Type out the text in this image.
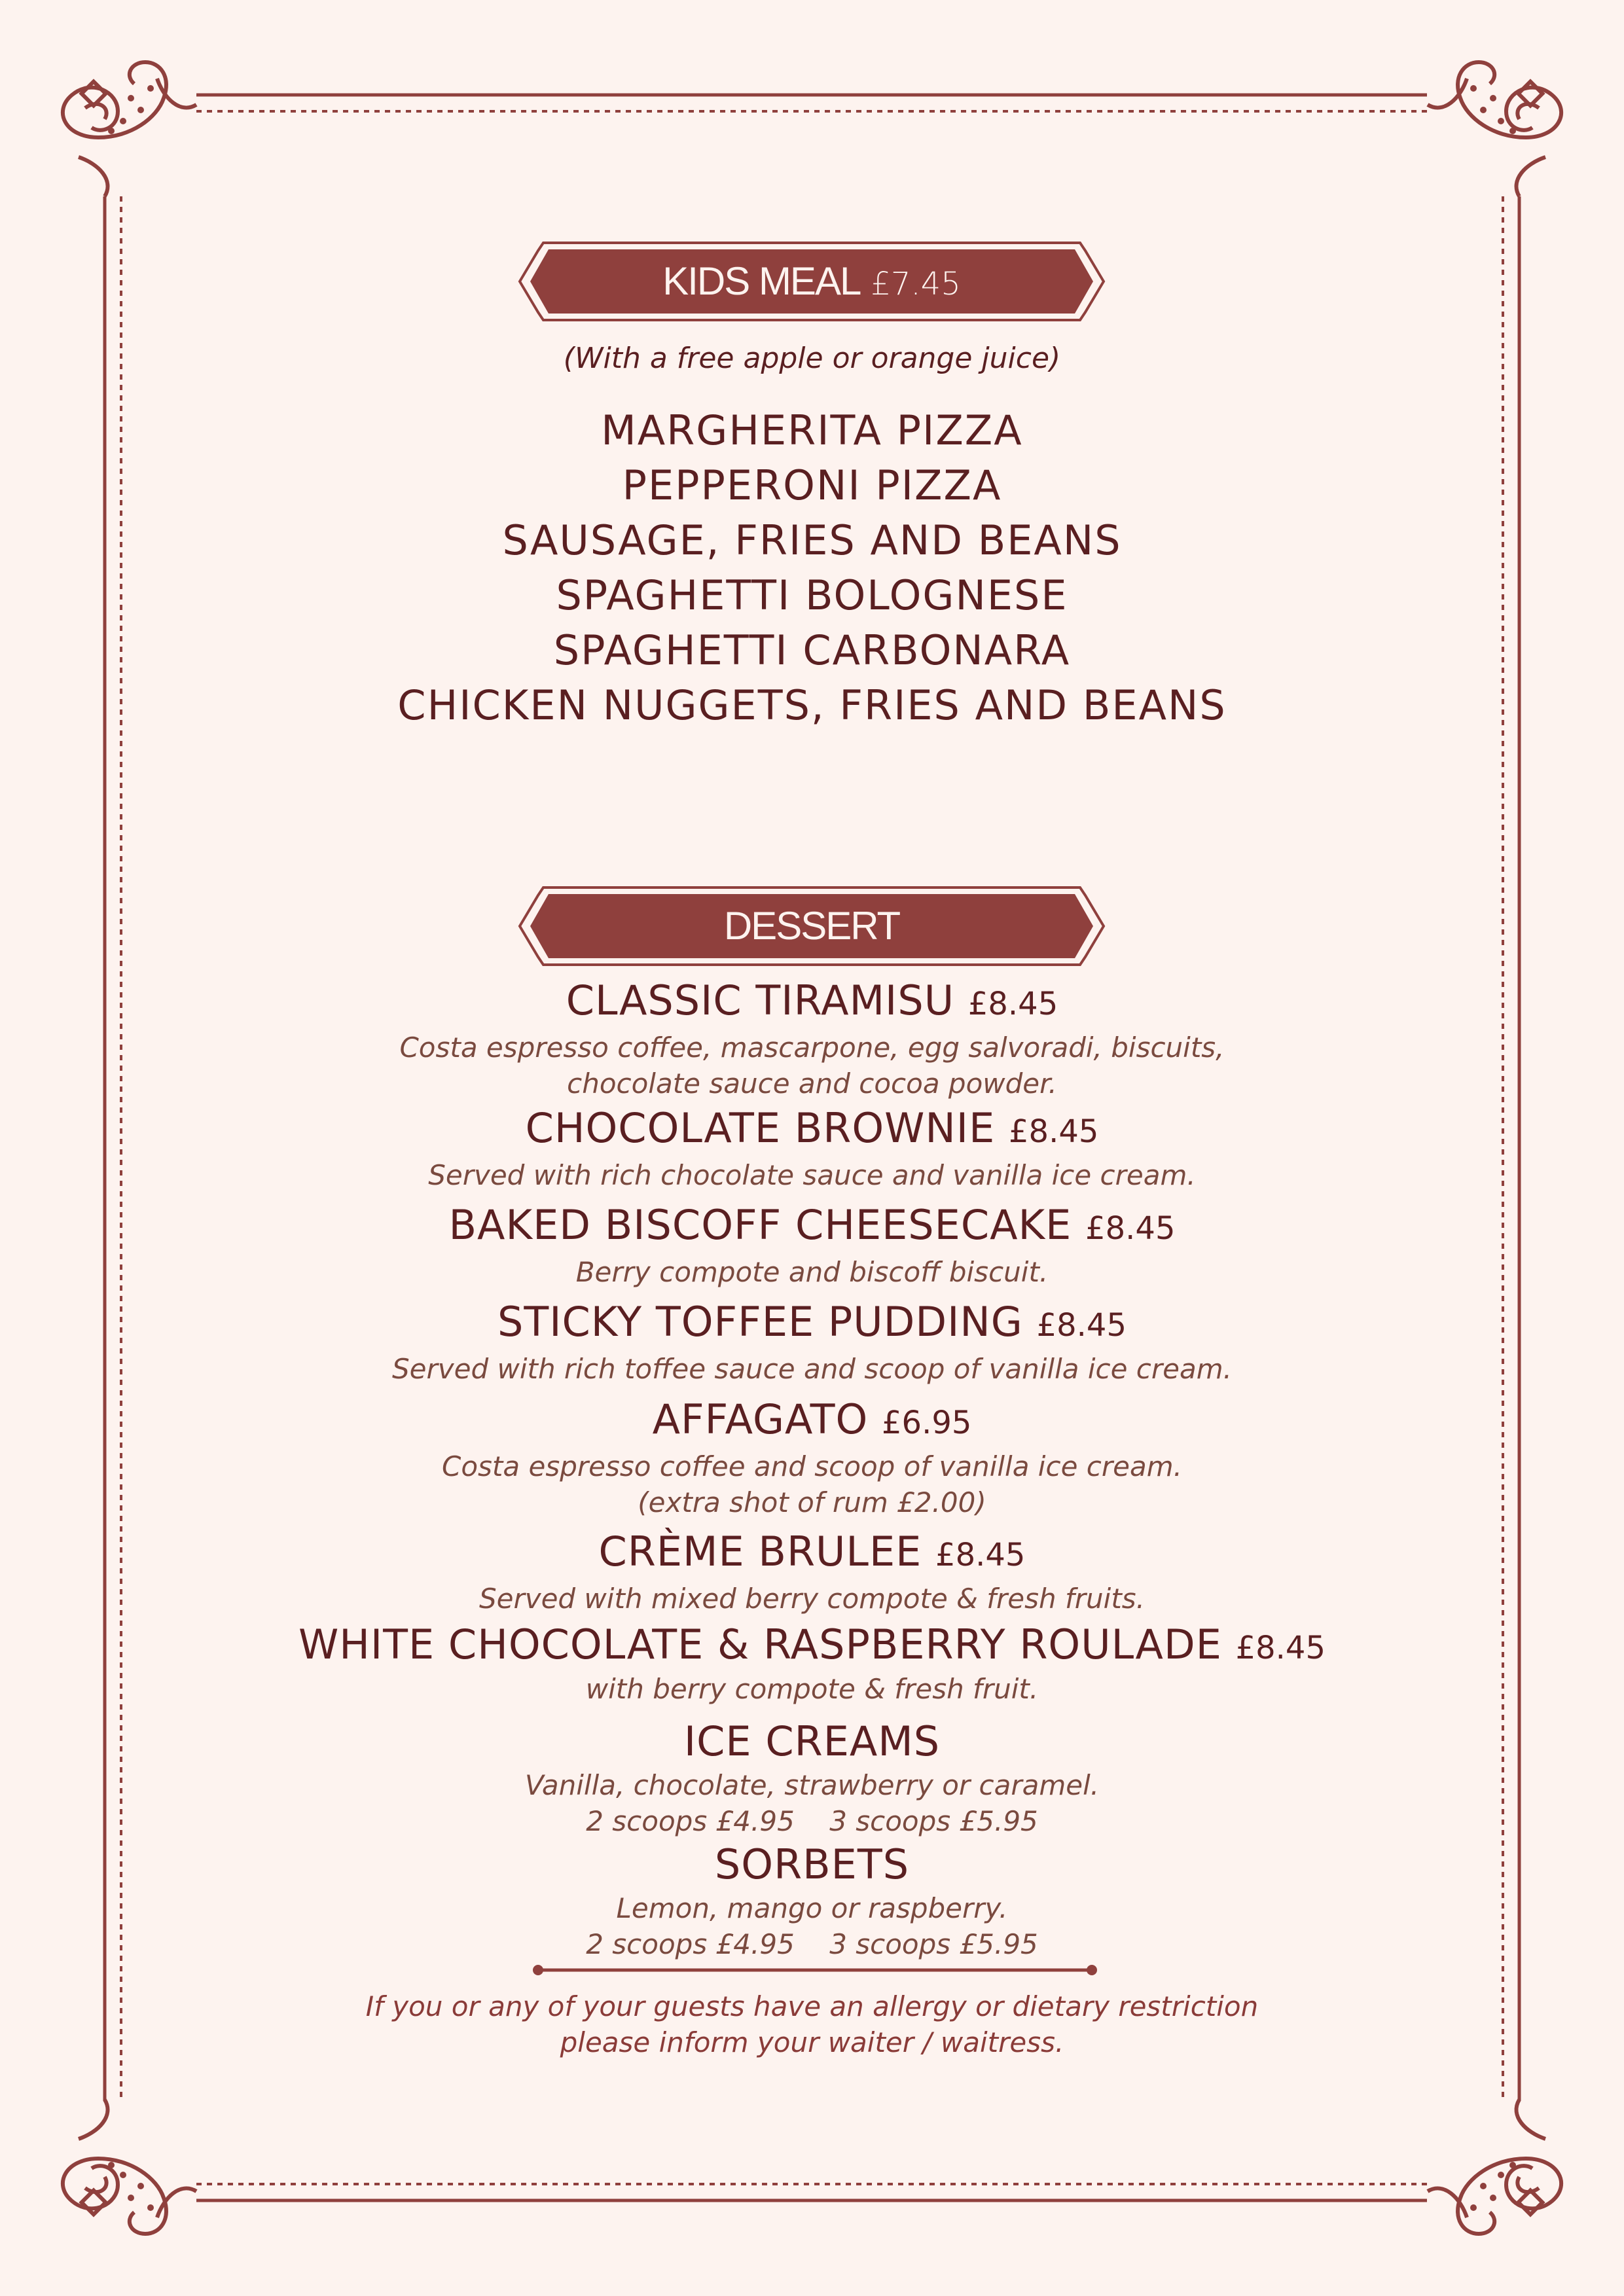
KIDS MEAL £7.45
(With a free apple or orange juice)
MARGHERITA PIZZA
PEPPERONI PIZZA
SAUSAGE, FRIES AND BEANS
SPAGHETTI BOLOGNESE
SPAGHETTI CARBONARA
CHICKEN NUGGETS, FRIES AND BEANS
DESSERT
CLASSIC TIRAMISU £8.45
Costa espresso coffee, mascarpone, egg salvoradi, biscuits,
chocolate sauce and cocoa powder.
CHOCOLATE BROWNIE £8.45
Served with rich chocolate sauce and vanilla ice cream.
BAKED BISCOFF CHEESECAKE £8.45
Berry compote and biscoff biscuit.
STICKY TOFFEE PUDDING £8.45
Served with rich toffee sauce and scoop of vanilla ice cream.
AFFAGATO £6.95
Costa espresso coffee and scoop of vanilla ice cream.
(extra shot of rum £2.00)
CRÈME BRULEE £8.45
Served with mixed berry compote & fresh fruits.
WHITE CHOCOLATE & RASPBERRY ROULADE £8.45
with berry compote & fresh fruit.
ICE CREAMS
Vanilla, chocolate, strawberry or caramel.
2 scoops £4.95    3 scoops £5.95
SORBETS
Lemon, mango or raspberry.
2 scoops £4.95    3 scoops £5.95
If you or any of your guests have an allergy or dietary restriction
please inform your waiter / waitress.
